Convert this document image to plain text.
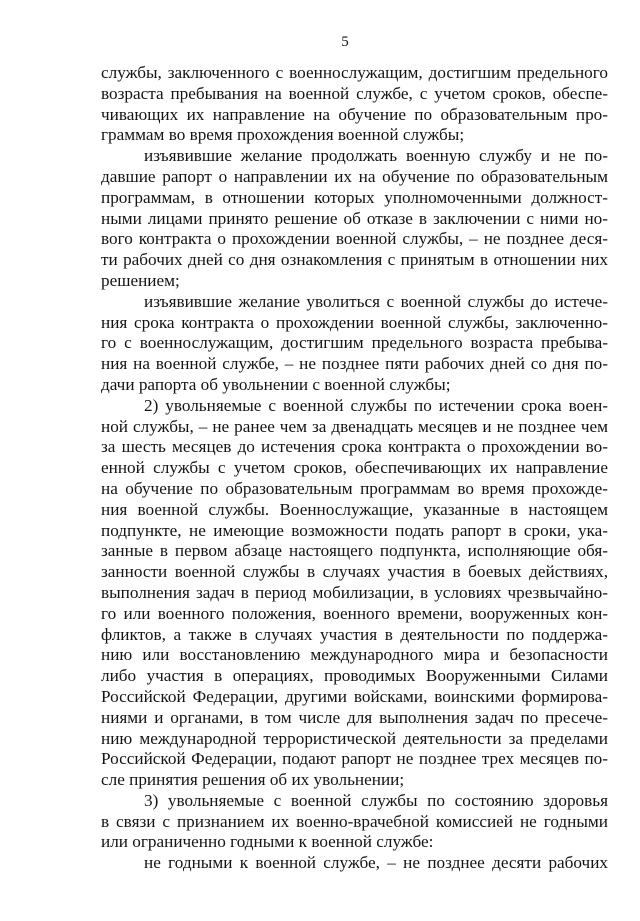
5
службы, заключенного с военнослужащим, достигшим предельного
возраста пребывания на военной службе, с учетом сроков, обеспе-
чивающих их направление на обучение по образовательным про-
граммам во время прохождения военной службы;
изъявившие желание продолжать военную службу и не по-
давшие рапорт о направлении их на обучение по образовательным
программам, в отношении которых уполномоченными должност-
ными лицами принято решение об отказе в заключении с ними но-
вого контракта о прохождении военной службы, – не позднее деся-
ти рабочих дней со дня ознакомления с принятым в отношении них
решением;
изъявившие желание уволиться с военной службы до истече-
ния срока контракта о прохождении военной службы, заключенно-
го с военнослужащим, достигшим предельного возраста пребыва-
ния на военной службе, – не позднее пяти рабочих дней со дня по-
дачи рапорта об увольнении с военной службы;
2) увольняемые с военной службы по истечении срока воен-
ной службы, – не ранее чем за двенадцать месяцев и не позднее чем
за шесть месяцев до истечения срока контракта о прохождении во-
енной службы с учетом сроков, обеспечивающих их направление
на обучение по образовательным программам во время прохожде-
ния военной службы. Военнослужащие, указанные в настоящем
подпункте, не имеющие возможности подать рапорт в сроки, ука-
занные в первом абзаце настоящего подпункта, исполняющие обя-
занности военной службы в случаях участия в боевых действиях,
выполнения задач в период мобилизации, в условиях чрезвычайно-
го или военного положения, военного времени, вооруженных кон-
фликтов, а также в случаях участия в деятельности по поддержа-
нию или восстановлению международного мира и безопасности
либо участия в операциях, проводимых Вооруженными Силами
Российской Федерации, другими войсками, воинскими формирова-
ниями и органами, в том числе для выполнения задач по пресече-
нию международной террористической деятельности за пределами
Российской Федерации, подают рапорт не позднее трех месяцев по-
сле принятия решения об их увольнении;
3) увольняемые с военной службы по состоянию здоровья
в связи с признанием их военно-врачебной комиссией не годными
или ограниченно годными к военной службе:
не годными к военной службе, – не позднее десяти рабочих
